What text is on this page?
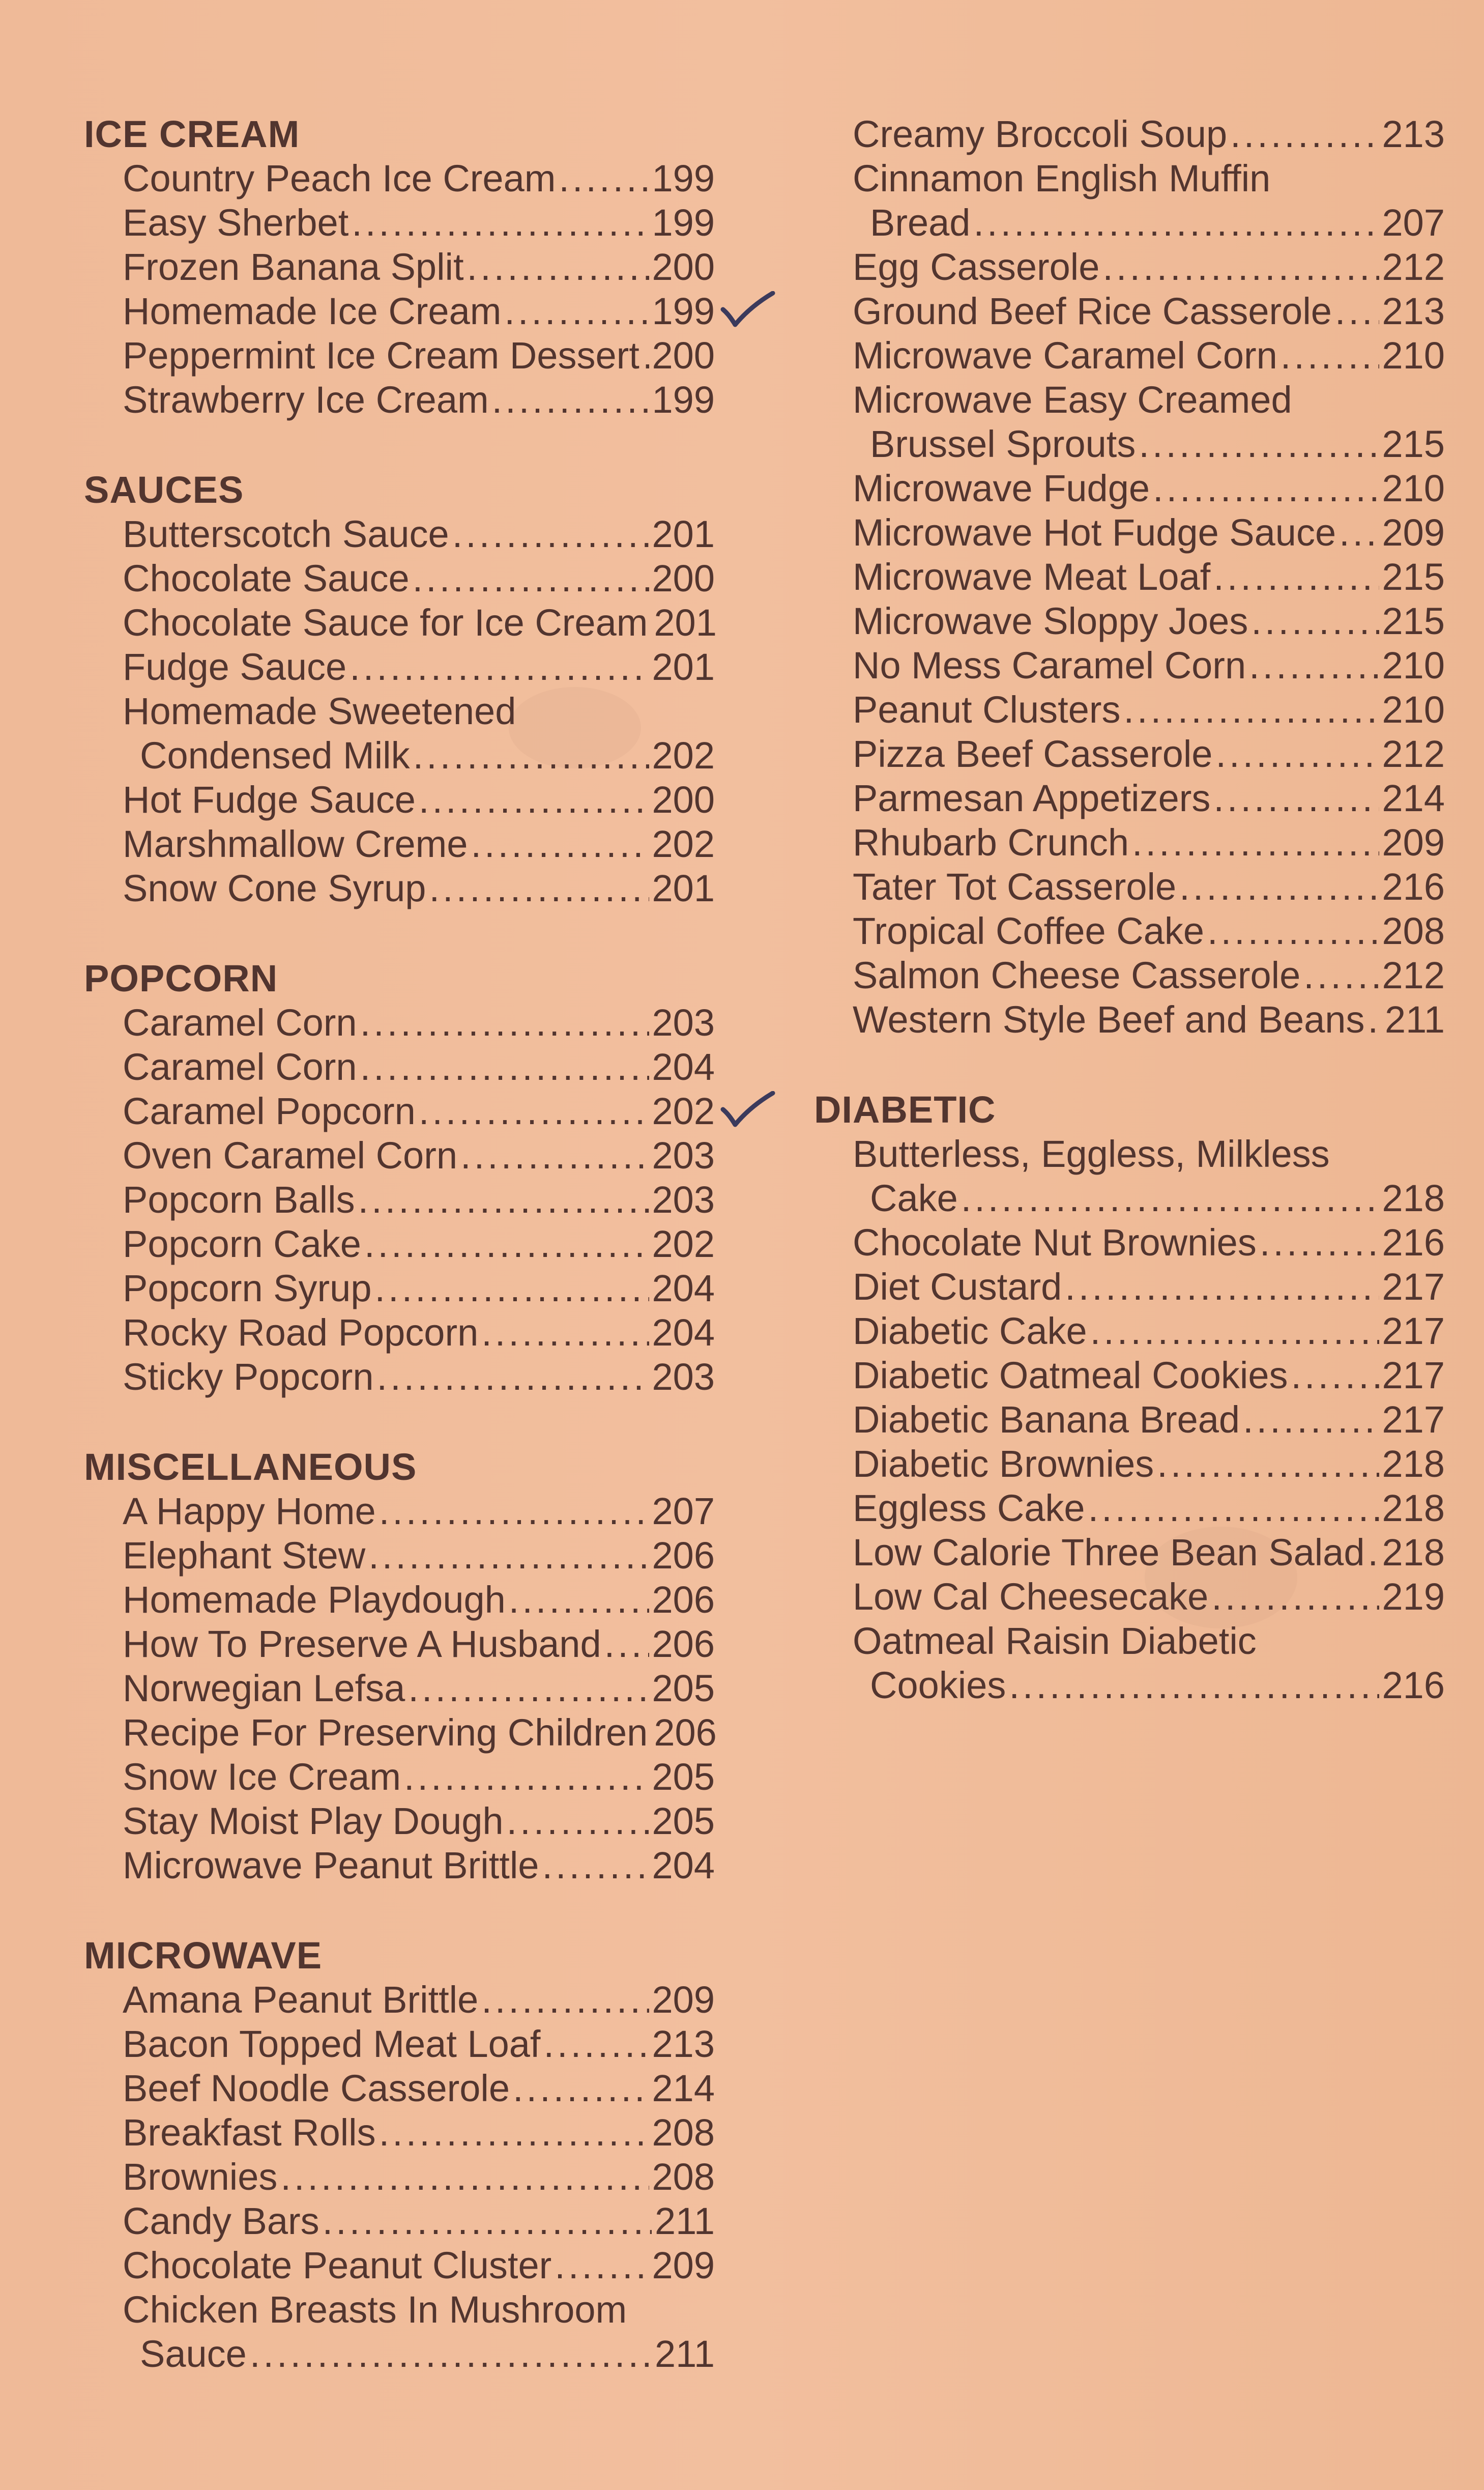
ICE CREAM
Country Peach Ice Cream .....	199
Easy Sherbet .....	199
Frozen Banana Split .....	200
Homemade Ice Cream .....	199
Peppermint Ice Cream Dessert ..... 200
Strawberry Ice Cream .....	199
SAUCES
Butterscotch Sauce .....	201
Chocolate Sauce .....	200
Chocolate Sauce for Ice Cream 201
Fudge Sauce .....	201
Homemade Sweetened
Condensed Milk .....	202
Hot Fudge Sauce .....	200
Marshmallow Creme .....	202
Snow Cone Syrup .....	201
POPCORN
Caramel Corn .....	203
Caramel Corn .....	204
Caramel Popcorn .....	202
Oven Caramel Corn .....	203
Popcorn Balls .....	203
Popcorn Cake .....	202
Popcorn Syrup .....	204
Rocky Road Popcorn .....	204
Sticky Popcorn .....	203
MISCELLANEOUS
A Happy Home .....	207
Elephant Stew .....	206
Homemade Playdough .....	206
How To Preserve A Husband ..... 206
Norwegian Lefsa .....	205
Recipe For Preserving Children 206
Snow Ice Cream .....	205
Stay Moist Play Dough .....	205
Microwave Peanut Brittle .....	204
MICROWAVE
Amana Peanut Brittle .....	209
Bacon Topped Meat Loaf .....	213
Beef Noodle Casserole .....	214
Breakfast Rolls .....	208
Brownies .....	208
Candy Bars .....	211
Chocolate Peanut Cluster .....	209
Chicken Breasts In Mushroom
Sauce .....	211
Creamy Broccoli Soup .....	213
Cinnamon English Muffin
Bread .....	207
Egg Casserole .....	212
Ground Beef Rice Casserole ..... 213
Microwave Caramel Corn .....	210
Microwave Easy Creamed
Brussel Sprouts .....	215
Microwave Fudge .....	210
Microwave Hot Fudge Sauce ..... 209
Microwave Meat Loaf .....	215
Microwave Sloppy Joes .....	215
No Mess Caramel Corn .....	210
Peanut Clusters .....	210
Pizza Beef Casserole .....	212
Parmesan Appetizers .....	214
Rhubarb Crunch .....	209
Tater Tot Casserole .....	216
Tropical Coffee Cake .....	208
Salmon Cheese Casserole ..... 212
Western Style Beef and Beans ..... 211
DIABETIC
Butterless, Eggless, Milkless
Cake .....	218
Chocolate Nut Brownies .....	216
Diet Custard .....	217
Diabetic Cake .....	217
Diabetic Oatmeal Cookies .....	217
Diabetic Banana Bread .....	217
Diabetic Brownies .....	218
Eggless Cake .....	218
Low Calorie Three Bean Salad ..... 218
Low Cal Cheesecake .....	219
Oatmeal Raisin Diabetic
Cookies .....	216
